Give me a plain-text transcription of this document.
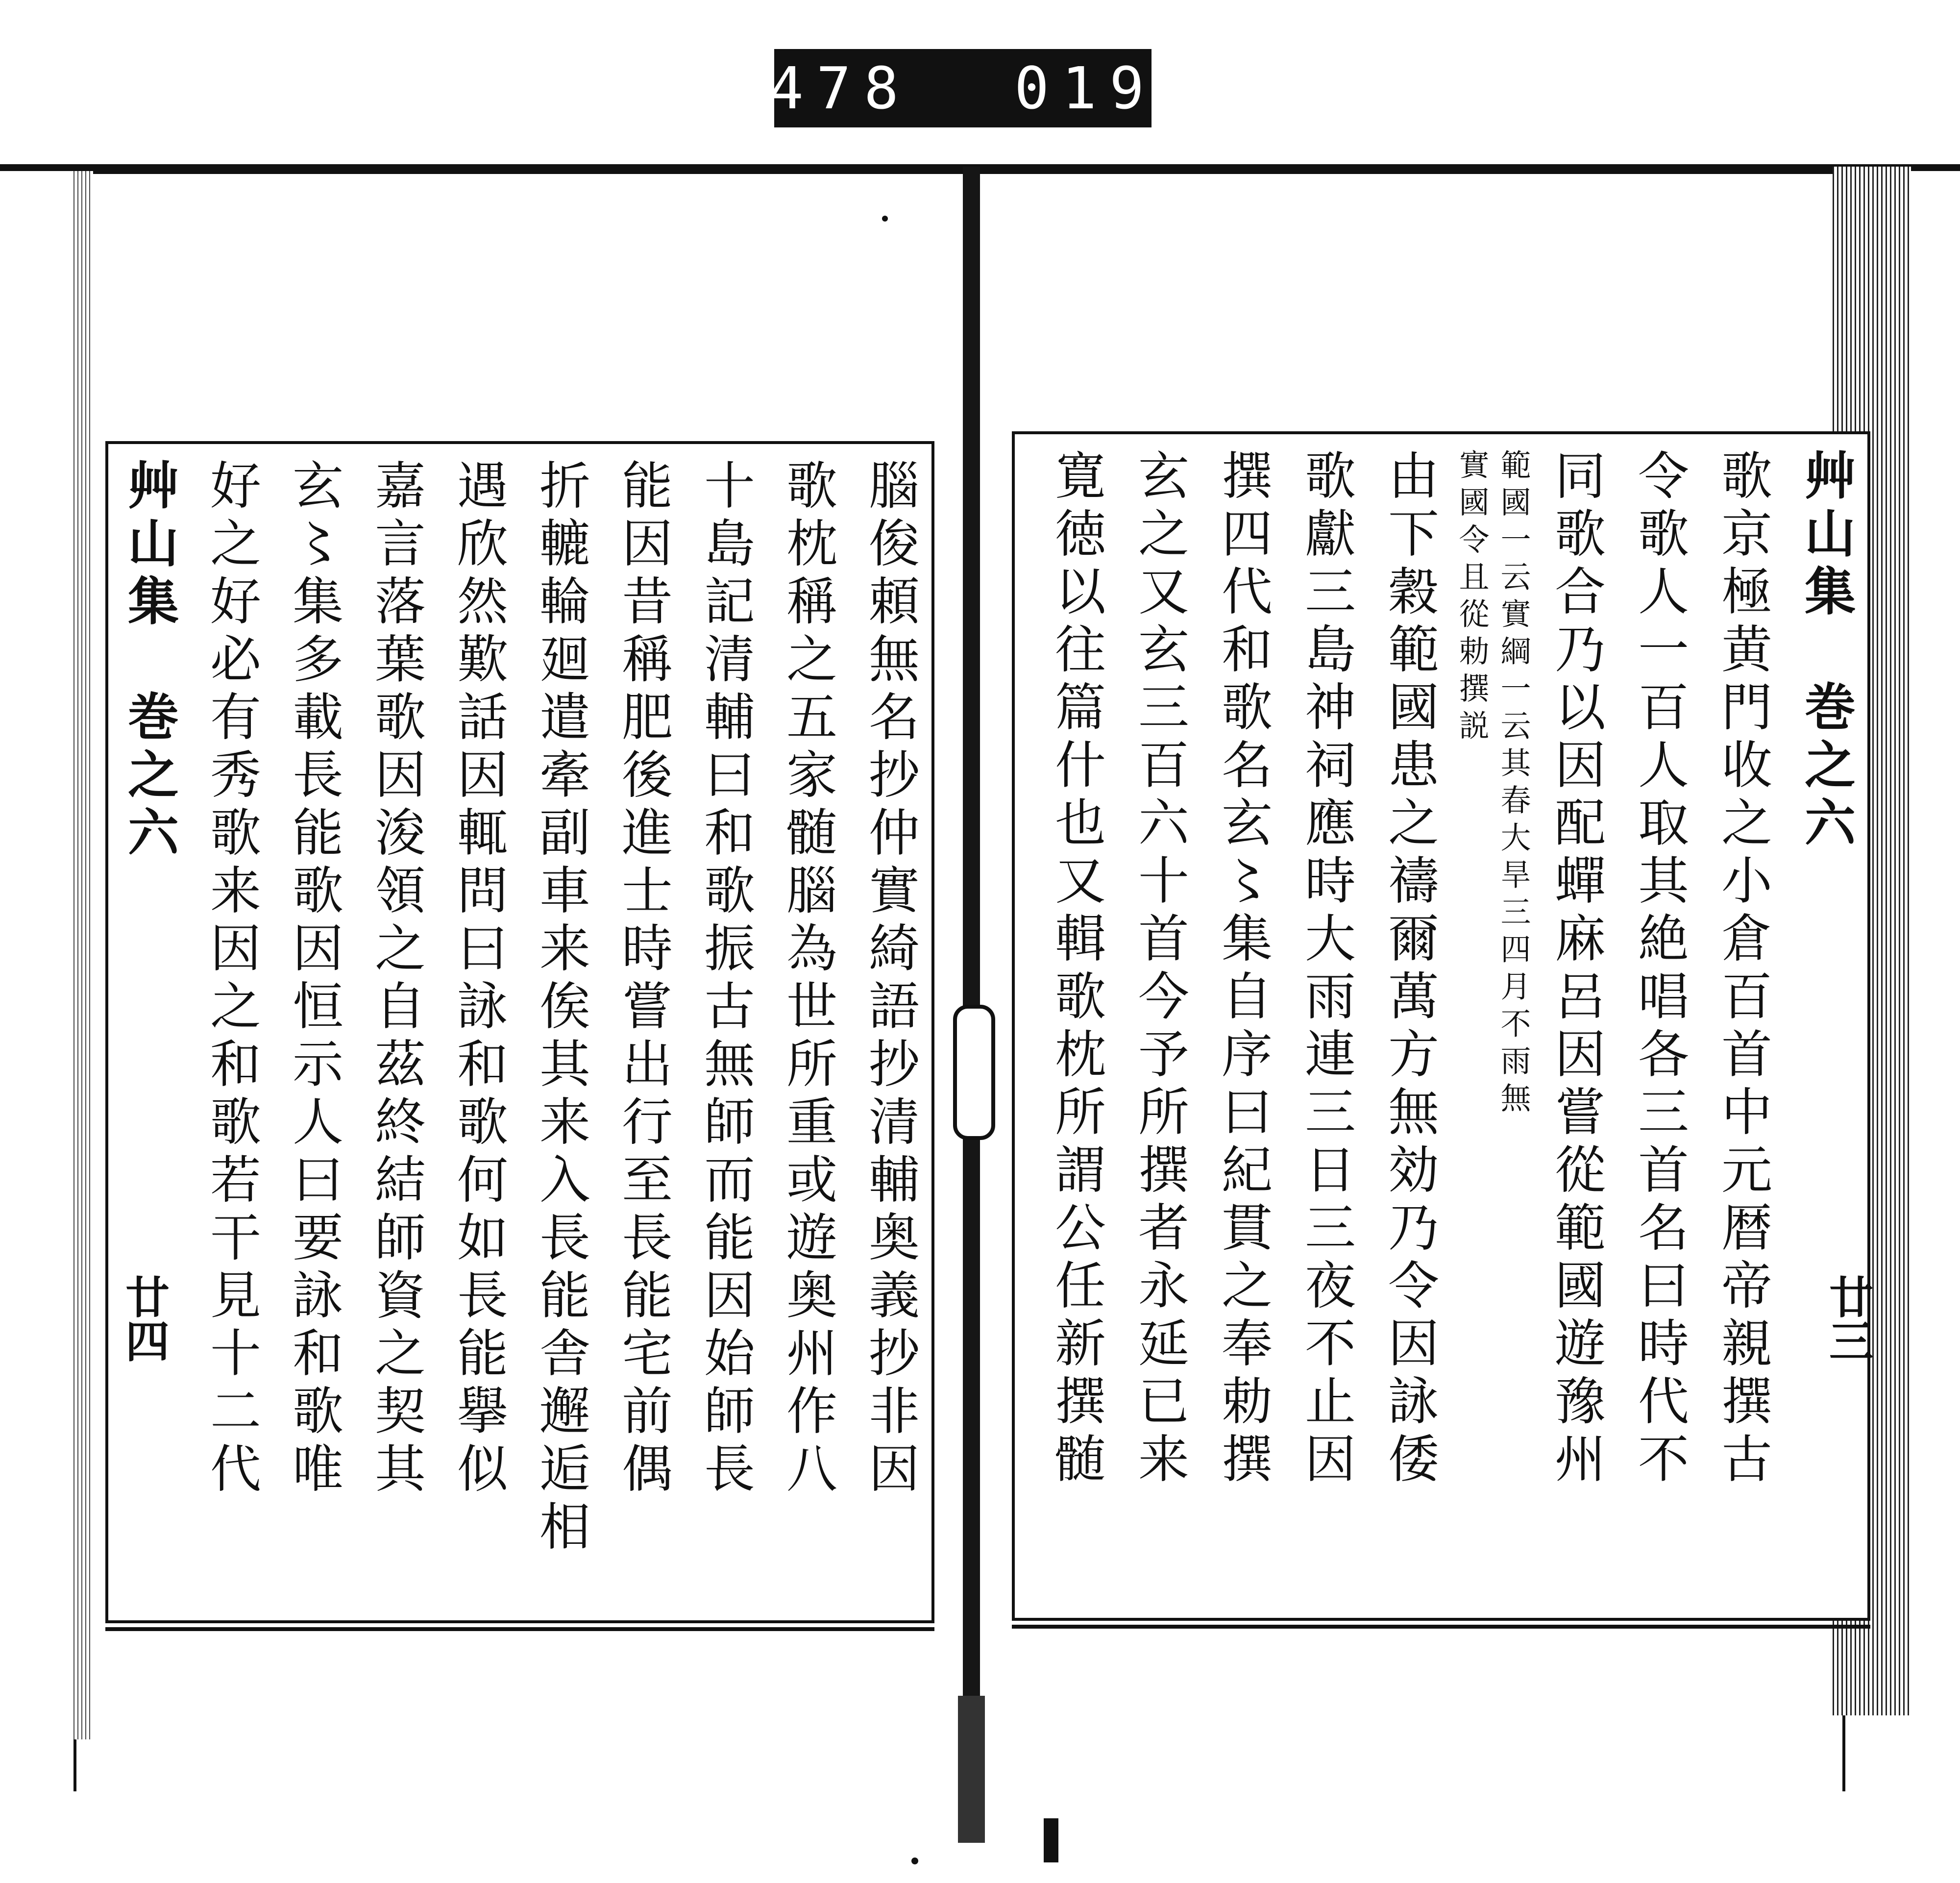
478 019
腦俊頼無名抄仲實綺語抄清輔奥義抄非因
歌枕稱之五家髄腦為世所重或遊奥州作八
十島記清輔曰和歌振古無師而能因始師長
能因昔稱肥後進士時嘗出行至長能宅前偶
折轆輪廻遣牽副車来俟其来入長能舎邂逅相
遇欣然歎話因輒問曰詠和歌何如長能擧似
嘉言落葉歌因浚領之自茲終結師資之契其
玄〻集多載長能歌因恒示人曰要詠和歌唯
好之好必有秀歌来因之和歌若干見十二代
艸山集　巻之六
廿四
艸山集　巻之六
歌京極黄門收之小倉百首中元暦帝親撰古
令歌人一百人取其絶唱各三首名曰時代不
同歌合乃以因配蟬麻呂因嘗從範國遊豫州
範國一云實綱一云其春大旱三四月不雨無
實國令且從勅撰説
由下穀範國患之禱爾萬方無効乃令因詠倭
歌獻三島神祠應時大雨連三日三夜不止因
撰四代和歌名玄〻集自序曰紀貫之奉勅撰
玄之又玄三百六十首今予所撰者永延已来
寛徳以往篇什也又輯歌枕所謂公任新撰髄	廿三
